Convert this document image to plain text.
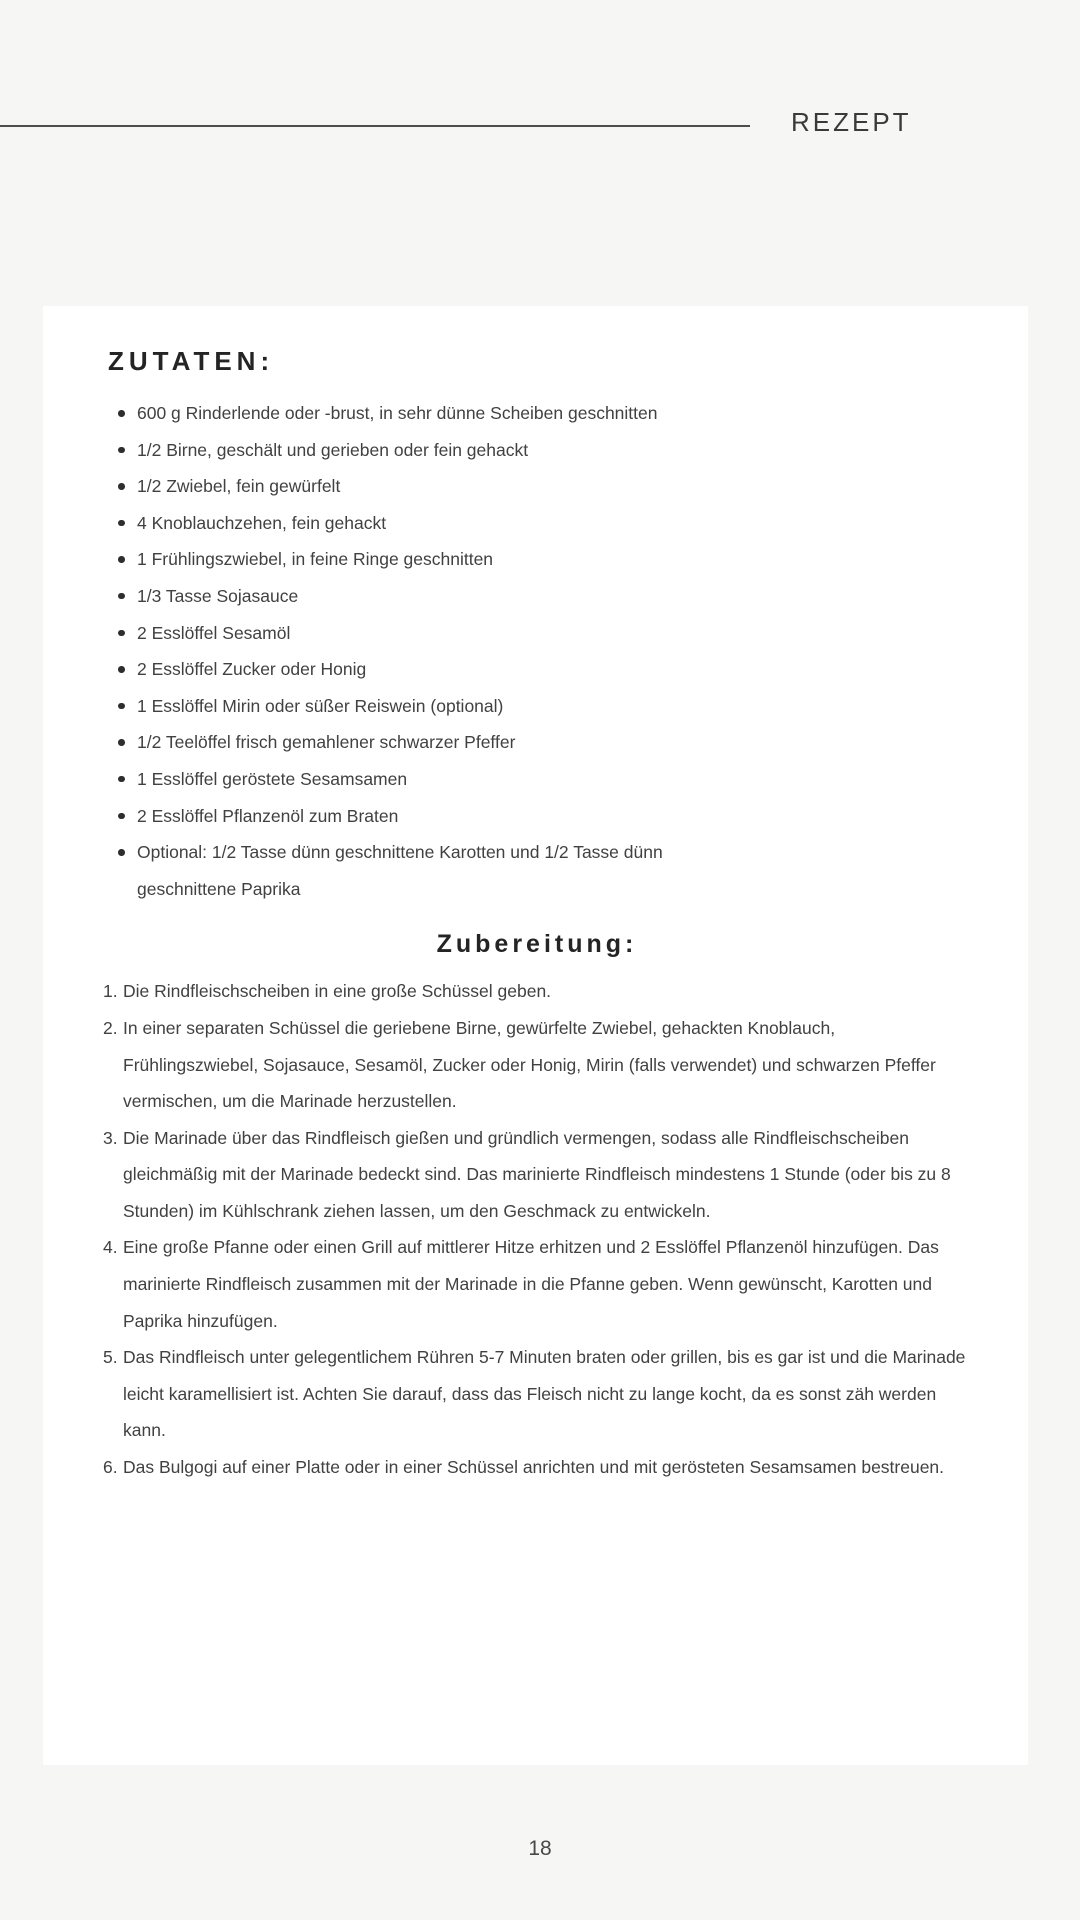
REZEPT
ZUTATEN:
600 g Rinderlende oder -brust, in sehr dünne Scheiben geschnitten
1/2 Birne, geschält und gerieben oder fein gehackt
1/2 Zwiebel, fein gewürfelt
4 Knoblauchzehen, fein gehackt
1 Frühlingszwiebel, in feine Ringe geschnitten
1/3 Tasse Sojasauce
2 Esslöffel Sesamöl
2 Esslöffel Zucker oder Honig
1 Esslöffel Mirin oder süßer Reiswein (optional)
1/2 Teelöffel frisch gemahlener schwarzer Pfeffer
1 Esslöffel geröstete Sesamsamen
2 Esslöffel Pflanzenöl zum Braten
Optional: 1/2 Tasse dünn geschnittene Karotten und 1/2 Tasse dünn geschnittene Paprika
Zubereitung:
Die Rindfleischscheiben in eine große Schüssel geben.
In einer separaten Schüssel die geriebene Birne, gewürfelte Zwiebel, gehackten Knoblauch, Frühlingszwiebel, Sojasauce, Sesamöl, Zucker oder Honig, Mirin (falls verwendet) und schwarzen Pfeffer vermischen, um die Marinade herzustellen.
Die Marinade über das Rindfleisch gießen und gründlich vermengen, sodass alle Rindfleischscheiben gleichmäßig mit der Marinade bedeckt sind. Das marinierte Rindfleisch mindestens 1 Stunde (oder bis zu 8 Stunden) im Kühlschrank ziehen lassen, um den Geschmack zu entwickeln.
Eine große Pfanne oder einen Grill auf mittlerer Hitze erhitzen und 2 Esslöffel Pflanzenöl hinzufügen. Das marinierte Rindfleisch zusammen mit der Marinade in die Pfanne geben. Wenn gewünscht, Karotten und Paprika hinzufügen.
Das Rindfleisch unter gelegentlichem Rühren 5-7 Minuten braten oder grillen, bis es gar ist und die Marinade leicht karamellisiert ist. Achten Sie darauf, dass das Fleisch nicht zu lange kocht, da es sonst zäh werden kann.
Das Bulgogi auf einer Platte oder in einer Schüssel anrichten und mit gerösteten Sesamsamen bestreuen.
18
